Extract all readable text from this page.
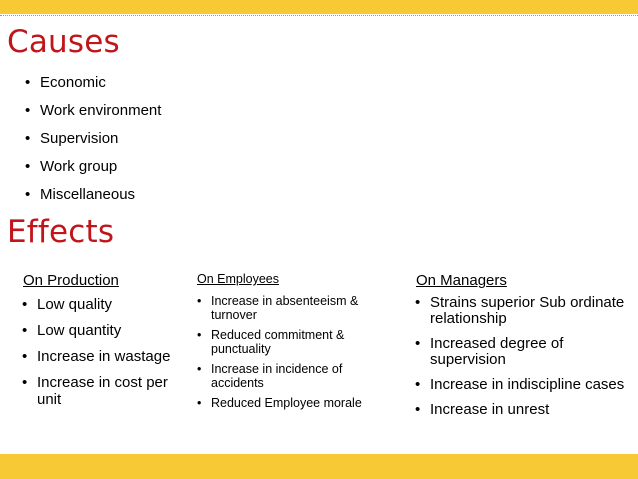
Causes
• Economic
• Work environment
• Supervision
• Work group
• Miscellaneous
Effects

On Production

• Low quality
• Low quantity
• Increase in wastage
• Increase in cost per unit

On Employees

• Increase in absenteeism & turnover
• Reduced commitment & punctuality
• Increase in incidence of accidents
• Reduced Employee morale

On Managers

• Strains superior Sub ordinate relationship
• Increased degree of supervision
• Increase in indiscipline cases
• Increase in unrest
